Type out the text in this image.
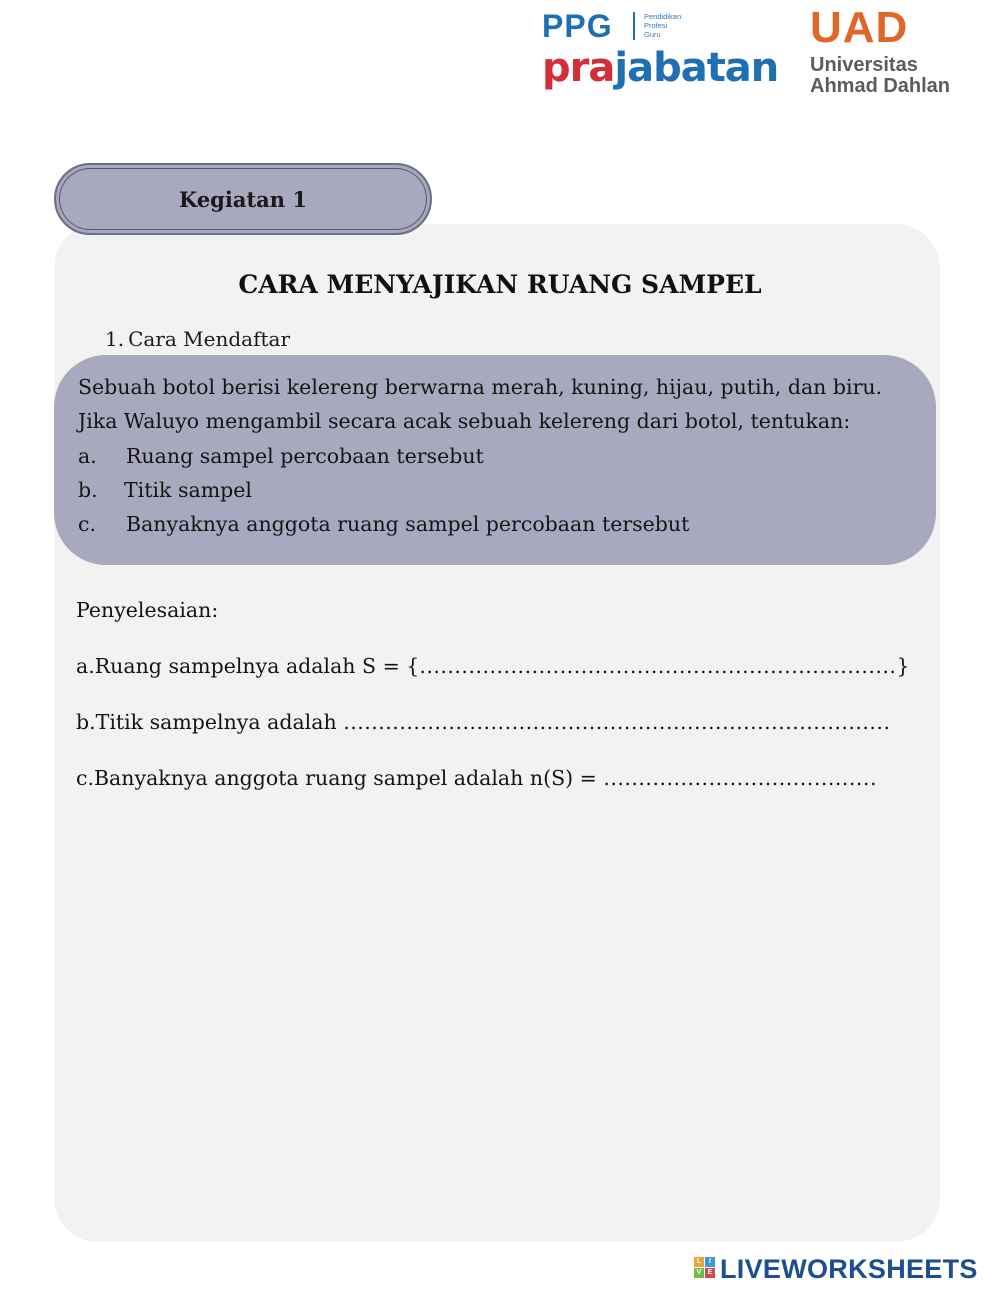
PPG	Pendidikan
Profesi
Guru
prajabatan
UAD
Universitas
Ahmad Dahlan
Kegiatan 1
CARA MENYAJIKAN RUANG SAMPEL
1. Cara Mendaftar
Sebuah botol berisi kelereng berwarna merah, kuning, hijau, putih, dan biru.
Jika Waluyo mengambil secara acak sebuah kelereng dari botol, tentukan:
a. Ruang sampel percobaan tersebut
b. Titik sampel
c. Banyaknya anggota ruang sampel percobaan tersebut
Penyelesaian:
a.Ruang sampelnya adalah S = {....................................................................}
b.Titik sampelnya adalah ..............................................................................
c.Banyaknya anggota ruang sampel adalah n(S) = .......................................
L	I
V E LIVEWORKSHEETS
